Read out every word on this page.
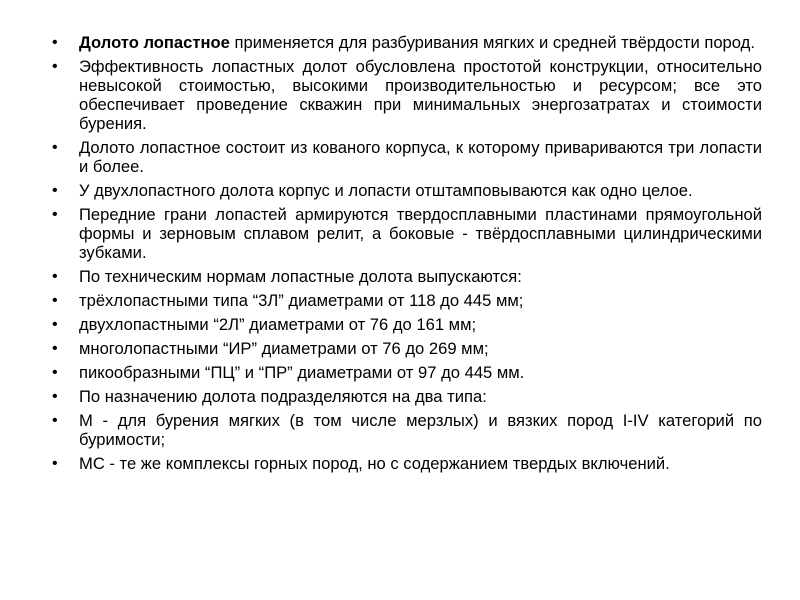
• Долото лопастное применяется для разбуривания мягких и средней твёрдости пород.
• Эффективность лопастных долот обусловлена простотой конструкции, относительно невысокой стоимостью, высокими производительностью и ресурсом; все это обеспечивает проведение скважин при минимальных энергозатратах и стоимости бурения.
• Долото лопастное состоит из кованого корпуса, к которому привариваются три лопасти и более.
• У двухлопастного долота корпус и лопасти отштамповываются как одно целое.
• Передние грани лопастей армируются твердосплавными пластинами прямоугольной формы и зерновым сплавом релит, а боковые - твёрдосплавными цилиндрическими зубками.
• По техническим нормам лопастные долота выпускаются:
• трёхлопастными типа “3Л” диаметрами от 118 до 445 мм;
• двухлопастными “2Л” диаметрами от 76 до 161 мм;
• многолопастными “ИР” диаметрами от 76 до 269 мм;
• пикообразными “ПЦ” и “ПР” диаметрами от 97 до 445 мм.
• По назначению долота подразделяются на два типа:
• М - для бурения мягких (в том числе мерзлых) и вязких пород I-IV категорий по буримости;
• МС - те же комплексы горных пород, но с содержанием твердых включений.
